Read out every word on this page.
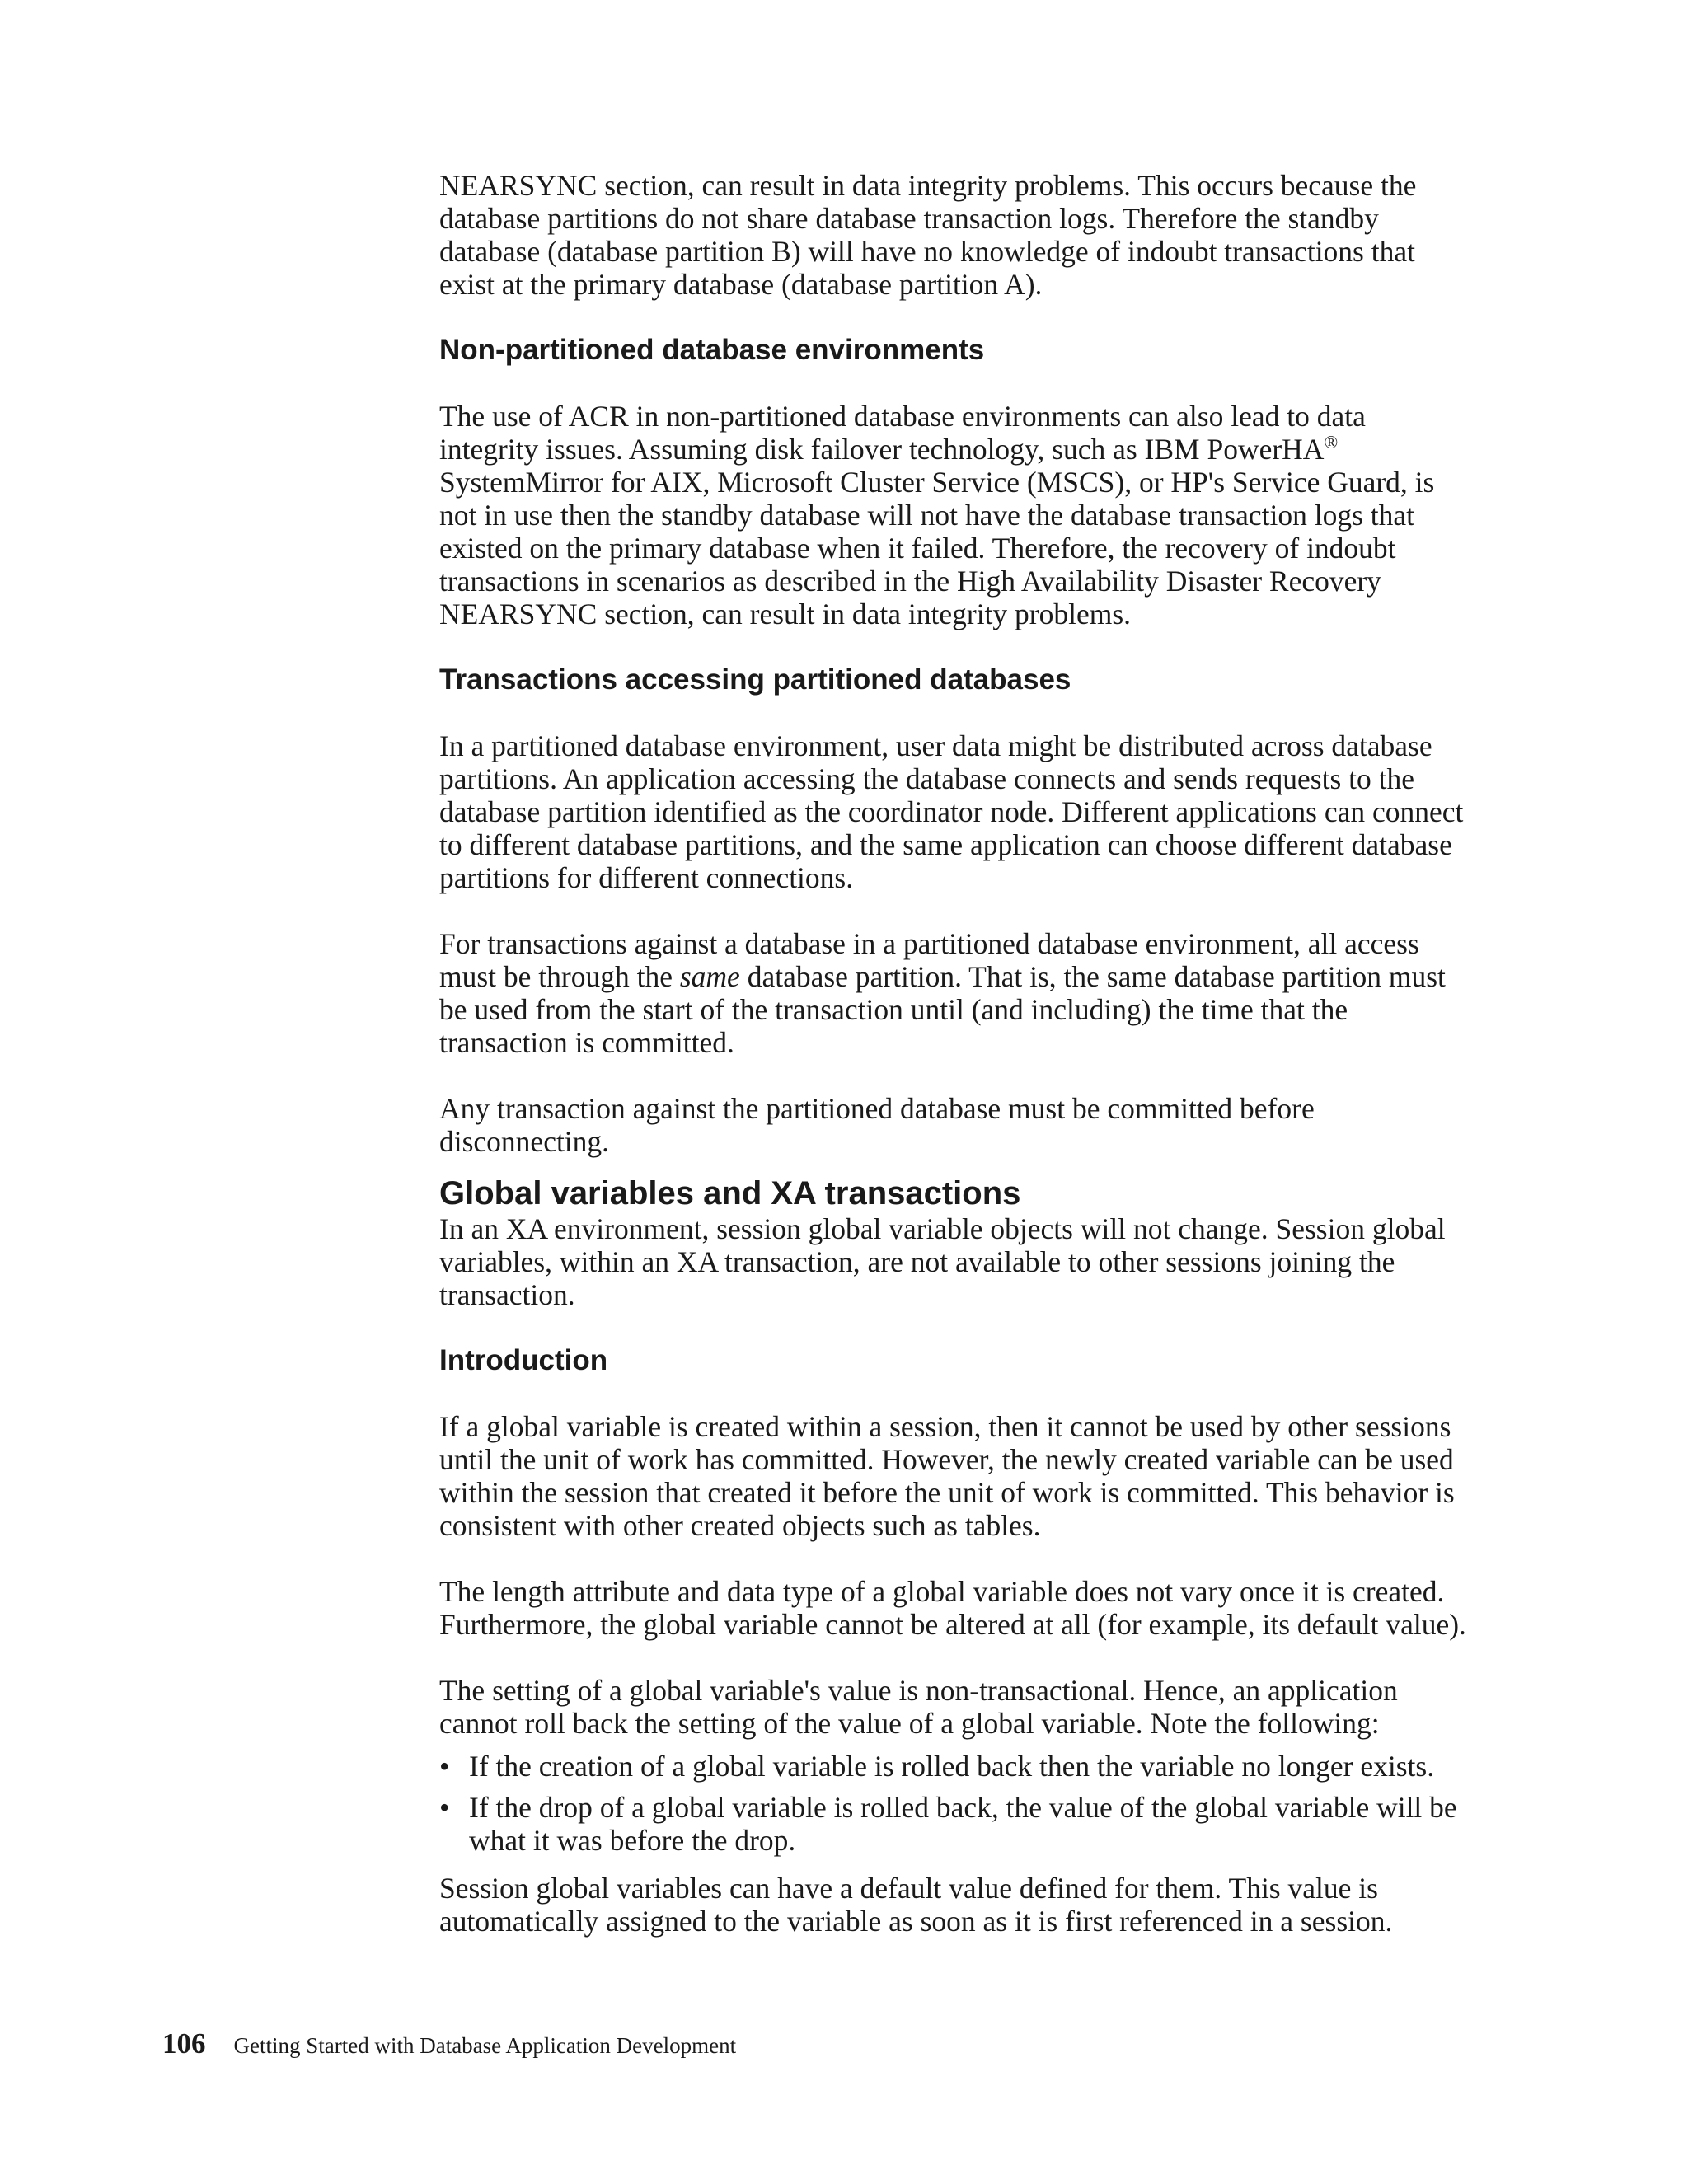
NEARSYNC section, can result in data integrity problems. This occurs because the database partitions do not share database transaction logs. Therefore the standby database (database partition B) will have no knowledge of indoubt transactions that exist at the primary database (database partition A).

Non-partitioned database environments

The use of ACR in non-partitioned database environments can also lead to data integrity issues. Assuming disk failover technology, such as IBM PowerHA® SystemMirror for AIX, Microsoft Cluster Service (MSCS), or HP's Service Guard, is not in use then the standby database will not have the database transaction logs that existed on the primary database when it failed. Therefore, the recovery of indoubt transactions in scenarios as described in the High Availability Disaster Recovery NEARSYNC section, can result in data integrity problems.

Transactions accessing partitioned databases

In a partitioned database environment, user data might be distributed across database partitions. An application accessing the database connects and sends requests to the database partition identified as the coordinator node. Different applications can connect to different database partitions, and the same application can choose different database partitions for different connections.

For transactions against a database in a partitioned database environment, all access must be through the same database partition. That is, the same database partition must be used from the start of the transaction until (and including) the time that the transaction is committed.

Any transaction against the partitioned database must be committed before disconnecting.

Global variables and XA transactions

In an XA environment, session global variable objects will not change. Session global variables, within an XA transaction, are not available to other sessions joining the transaction.

Introduction

If a global variable is created within a session, then it cannot be used by other sessions until the unit of work has committed. However, the newly created variable can be used within the session that created it before the unit of work is committed. This behavior is consistent with other created objects such as tables.

The length attribute and data type of a global variable does not vary once it is created. Furthermore, the global variable cannot be altered at all (for example, its default value).

The setting of a global variable's value is non-transactional. Hence, an application cannot roll back the setting of the value of a global variable. Note the following:

• If the creation of a global variable is rolled back then the variable no longer exists.
• If the drop of a global variable is rolled back, the value of the global variable will be what it was before the drop.

Session global variables can have a default value defined for them. This value is automatically assigned to the variable as soon as it is first referenced in a session.

106 Getting Started with Database Application Development
